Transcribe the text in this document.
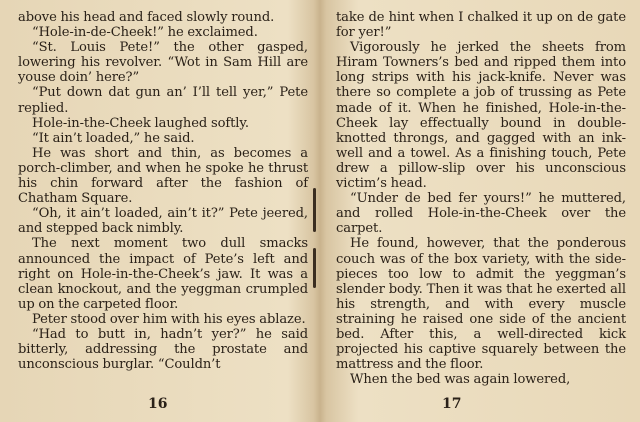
above his head and faced slowly round.

“Hole-in-de-Cheek!” he exclaimed.

“St. Louis Pete!” the other gasped, lowering his revolver. “Wot in Sam Hill are youse doin’ here?”

“Put down dat gun an’ I’ll tell yer,” Pete replied.

Hole-in-the-Cheek laughed softly.

“It ain’t loaded,” he said.

He was short and thin, as becomes a porch-climber, and when he spoke he thrust his chin forward after the fashion of Chatham Square.

“Oh, it ain’t loaded, ain’t it?” Pete jeered, and stepped back nimbly.

The next moment two dull smacks announced the impact of Pete’s left and right on Hole-in-the-Cheek’s jaw. It was a clean knockout, and the yeggman crumpled up on the carpeted floor.

Peter stood over him with his eyes ablaze.

“Had to butt in, hadn’t yer?” he said bitterly, addressing the prostate and unconscious burglar. “Couldn’t

16

take de hint when I chalked it up on de gate for yer!”

Vigorously he jerked the sheets from Hiram Towners’s bed and ripped them into long strips with his jack-knife. Never was there so complete a job of trussing as Pete made of it. When he finished, Hole-in-the-Cheek lay effectually bound in double-knotted throngs, and gagged with an ink-well and a towel. As a finishing touch, Pete drew a pillow-slip over his unconscious victim’s head.

“Under de bed fer yours!” he muttered, and rolled Hole-in-the-Cheek over the carpet.

He found, however, that the ponderous couch was of the box variety, with the side-pieces too low to admit the yeggman’s slender body. Then it was that he exerted all his strength, and with every muscle straining he raised one side of the ancient bed. After this, a well-directed kick projected his captive squarely between the mattress and the floor.

When the bed was again lowered,

17
